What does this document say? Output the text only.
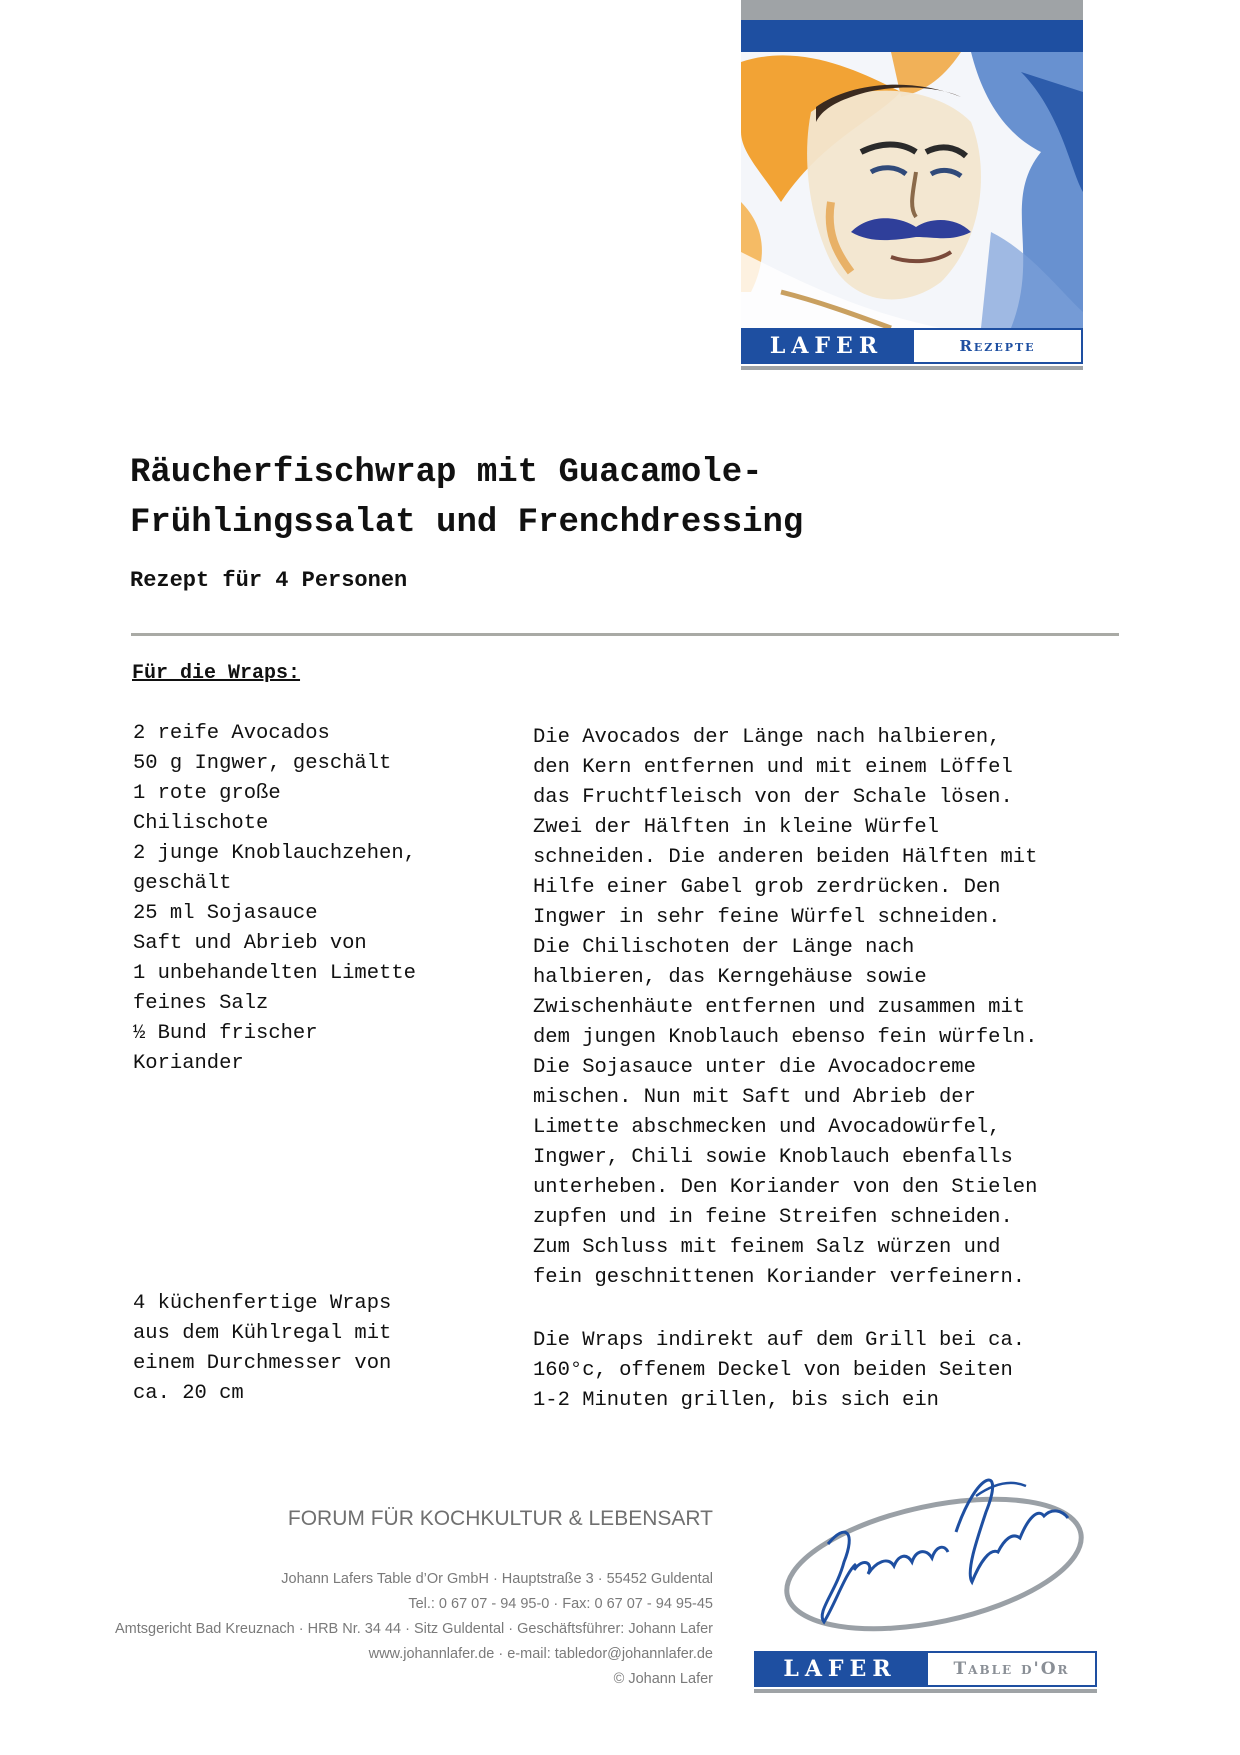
LAFER	Rezepte
Räucherfischwrap mit Guacamole-
Frühlingssalat und Frenchdressing
Rezept für 4 Personen
Für die Wraps:
2 reife Avocados
50 g Ingwer, geschält
1 rote große
Chilischote
2 junge Knoblauchzehen,
geschält
25 ml Sojasauce
Saft und Abrieb von
1 unbehandelten Limette
feines Salz
½ Bund frischer
Koriander
4 küchenfertige Wraps
aus dem Kühlregal mit
einem Durchmesser von
ca. 20 cm
Die Avocados der Länge nach halbieren,
den Kern entfernen und mit einem Löffel
das Fruchtfleisch von der Schale lösen.
Zwei der Hälften in kleine Würfel
schneiden. Die anderen beiden Hälften mit
Hilfe einer Gabel grob zerdrücken. Den
Ingwer in sehr feine Würfel schneiden.
Die Chilischoten der Länge nach
halbieren, das Kerngehäuse sowie
Zwischenhäute entfernen und zusammen mit
dem jungen Knoblauch ebenso fein würfeln.
Die Sojasauce unter die Avocadocreme
mischen. Nun mit Saft und Abrieb der
Limette abschmecken und Avocadowürfel,
Ingwer, Chili sowie Knoblauch ebenfalls
unterheben. Den Koriander von den Stielen
zupfen und in feine Streifen schneiden.
Zum Schluss mit feinem Salz würzen und
fein geschnittenen Koriander verfeinern.
Die Wraps indirekt auf dem Grill bei ca.
160°c, offenem Deckel von beiden Seiten
1-2 Minuten grillen, bis sich ein
FORUM FÜR KOCHKULTUR & LEBENSART
Johann Lafers Table d’Or GmbH · Hauptstraße 3 · 55452 Guldental
Tel.: 0 67 07 - 94 95-0 · Fax: 0 67 07 - 94 95-45
Amtsgericht Bad Kreuznach · HRB Nr. 34 44 · Sitz Guldental · Geschäftsführer: Johann Lafer
www.johannlafer.de · e-mail: tabledor@johannlafer.de
© Johann Lafer	LAFER	Table d'Or
